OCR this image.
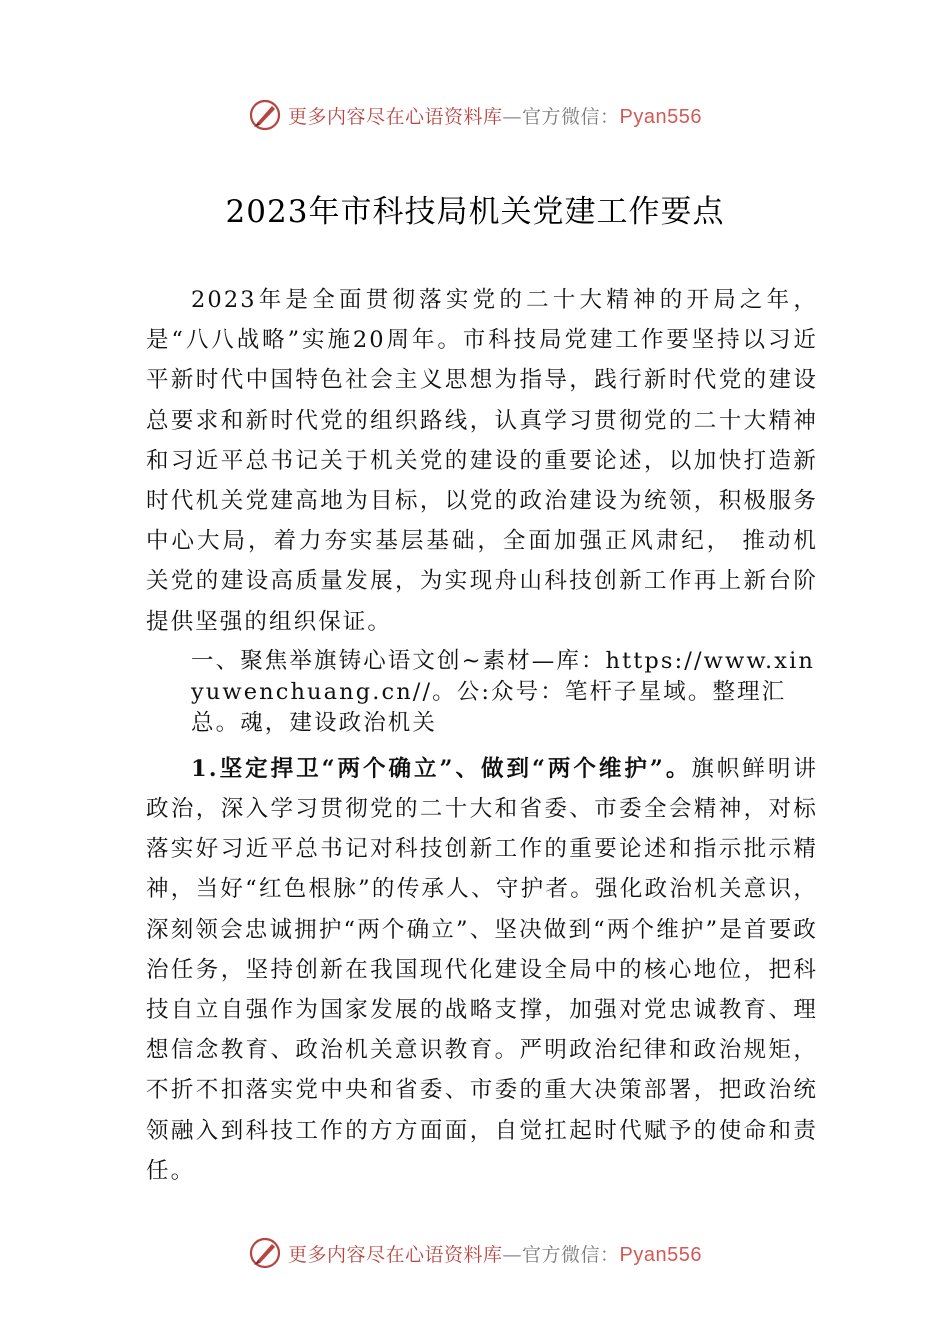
更多内容尽在心语资料库—官方微信：Pyan556
2023年市科技局机关党建工作要点

2023年是全面贯彻落实党的二十大精神的开局之年，是“八八战略”实施20周年。市科技局党建工作要坚持以习近平新时代中国特色社会主义思想为指导，践行新时代党的建设总要求和新时代党的组织路线，认真学习贯彻党的二十大精神和习近平总书记关于机关党的建设的重要论述，以加快打造新时代机关党建高地为目标，以党的政治建设为统领，积极服务中心大局，着力夯实基层基础，全面加强正风肃纪， 推动机关党的建设高质量发展，为实现舟山科技创新工作再上新台阶提供坚强的组织保证。

一、聚焦举旗铸心语文创~素材—库：https://www.xinyuwenchuang.cn//。公:众号：笔杆子星域。整理汇总。魂，建设政治机关

1.坚定捍卫“两个确立”、做到“两个维护”。旗帜鲜明讲政治，深入学习贯彻党的二十大和省委、市委全会精神，对标落实好习近平总书记对科技创新工作的重要论述和指示批示精神，当好“红色根脉”的传承人、守护者。强化政治机关意识，深刻领会忠诚拥护“两个确立”、坚决做到“两个维护”是首要政治任务，坚持创新在我国现代化建设全局中的核心地位，把科技自立自强作为国家发展的战略支撑，加强对党忠诚教育、理想信念教育、政治机关意识教育。严明政治纪律和政治规矩，不折不扣落实党中央和省委、市委的重大决策部署，把政治统领融入到科技工作的方方面面，自觉扛起时代赋予的使命和责任。

更多内容尽在心语资料库—官方微信：Pyan556
